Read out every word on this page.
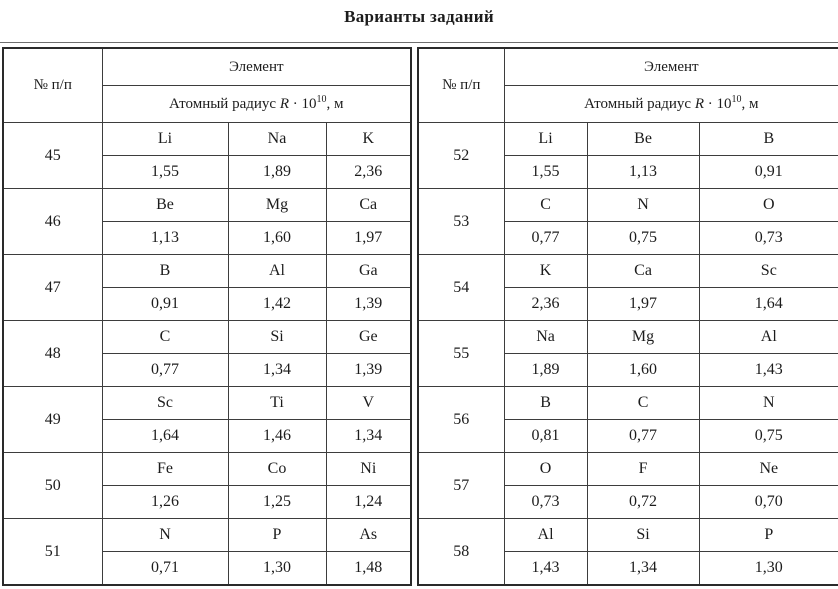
Варианты заданий
№ п/п	Элемент		
	Атомный радиус $R \cdot 10^{10}$, м		
45	Li	Na	K
	1,55	1,89	2,36
46	Be	Mg	Ca
	1,13	1,60	1,97
47	B	Al	Ga
	0,91	1,42	1,39
48	C	Si	Ge
	0,77	1,34	1,39
49	Sc	Ti	V
	1,64	1,46	1,34
50	Fe	Co	Ni
	1,26	1,25	1,24
51	N	P	As
	0,71	1,30	1,48
№ п/п	Элемент		
	Атомный радиус $R \cdot 10^{10}$, м		
52	Li	Be	B
	1,55	1,13	0,91
53	C	N	O
	0,77	0,75	0,73
54	K	Ca	Sc
	2,36	1,97	1,64
55	Na	Mg	Al
	1,89	1,60	1,43
56	B	C	N
	0,81	0,77	0,75
57	O	F	Ne
	0,73	0,72	0,70
58	Al	Si	P
	1,43	1,34	1,30
